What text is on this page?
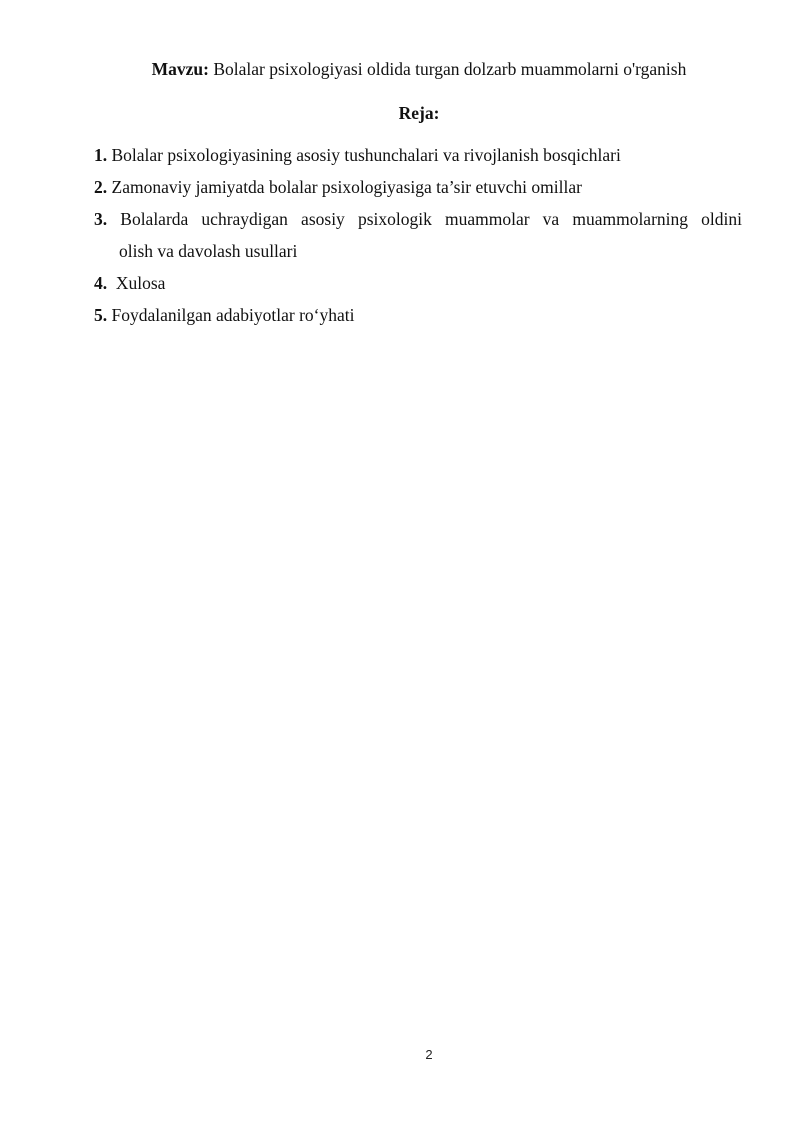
Mavzu: Bolalar psixologiyasi oldida turgan dolzarb muammolarni o'rganish
Reja:
1. Bolalar psixologiyasining asosiy tushunchalari va rivojlanish bosqichlari
2. Zamonaviy jamiyatda bolalar psixologiyasiga ta’sir etuvchi omillar
3. Bolalarda uchraydigan asosiy psixologik muammolar va muammolarning oldini
olish va davolash usullari
4. Xulosa
5. Foydalanilgan adabiyotlar ro‘yhati
2
